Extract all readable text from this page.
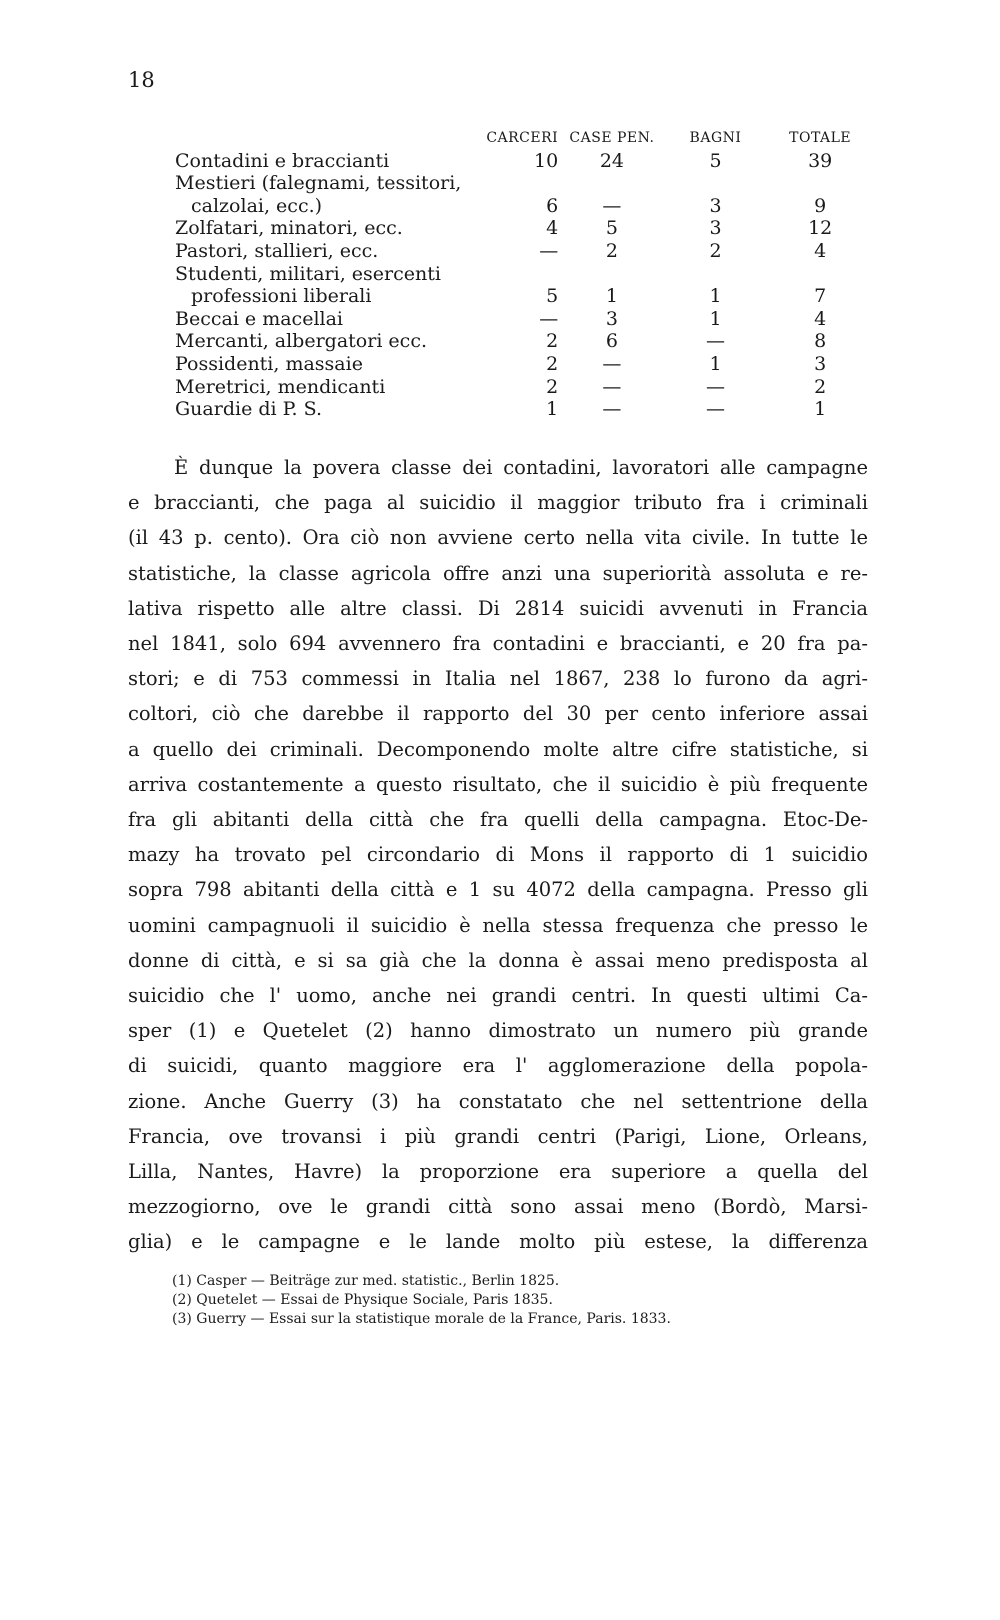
18
	CARCERI	CASE PEN.	BAGNI	TOTALE
Contadini e braccianti	10	24	5	39
Mestieri (falegnami, tessitori,				
calzolai, ecc.)	6	—	3	9
Zolfatari, minatori, ecc.	4	5	3	12
Pastori, stallieri, ecc.	—	2	2	4
Studenti, militari, esercenti				
professioni liberali	5	1	1	7
Beccai e macellai	—	3	1	4
Mercanti, albergatori ecc.	2	6	—	8
Possidenti, massaie	2	—	1	3
Meretrici, mendicanti	2	—	—	2
Guardie di P. S.	1	—	—	1

È dunque la povera classe dei contadini, lavoratori alle campagne

e braccianti, che paga al suicidio il maggior tributo fra i criminali

(il 43 p. cento). Ora ciò non avviene certo nella vita civile. In tutte le

statistiche, la classe agricola offre anzi una superiorità assoluta e re-

lativa rispetto alle altre classi. Di 2814 suicidi avvenuti in Francia

nel 1841, solo 694 avvennero fra contadini e braccianti, e 20 fra pa-

stori; e di 753 commessi in Italia nel 1867, 238 lo furono da agri-

coltori, ciò che darebbe il rapporto del 30 per cento inferiore assai

a quello dei criminali. Decomponendo molte altre cifre statistiche, si

arriva costantemente a questo risultato, che il suicidio è più frequente

fra gli abitanti della città che fra quelli della campagna. Etoc-De-

mazy ha trovato pel circondario di Mons il rapporto di 1 suicidio

sopra 798 abitanti della città e 1 su 4072 della campagna. Presso gli

uomini campagnuoli il suicidio è nella stessa frequenza che presso le

donne di città, e si sa già che la donna è assai meno predisposta al

suicidio che l' uomo, anche nei grandi centri. In questi ultimi Ca-

sper (1) e Quetelet (2) hanno dimostrato un numero più grande

di suicidi, quanto maggiore era l' agglomerazione della popola-

zione. Anche Guerry (3) ha constatato che nel settentrione della

Francia, ove trovansi i più grandi centri (Parigi, Lione, Orleans,

Lilla, Nantes, Havre) la proporzione era superiore a quella del

mezzogiorno, ove le grandi città sono assai meno (Bordò, Marsi-

glia) e le campagne e le lande molto più estese, la differenza

(1) Casper — Beiträge zur med. statistic., Berlin 1825.
(2) Quetelet — Essai de Physique Sociale, Paris 1835.
(3) Guerry — Essai sur la statistique morale de la France, Paris. 1833.
